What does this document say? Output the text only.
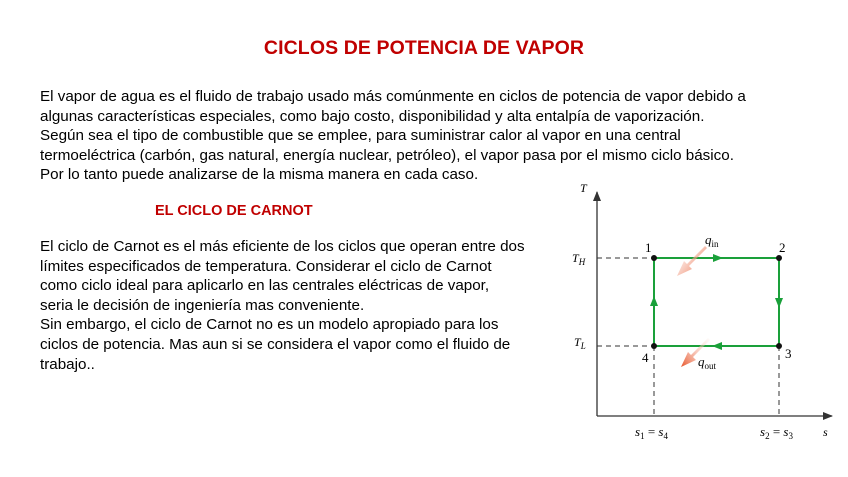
CICLOS DE POTENCIA DE VAPOR

El vapor de agua es el fluido de trabajo usado más comúnmente en ciclos de potencia de vapor debido a

algunas características especiales, como bajo costo, disponibilidad y alta entalpía de vaporización.

Según sea el tipo de combustible que se emplee, para suministrar calor al vapor en una central

termoeléctrica (carbón, gas natural, energía nuclear, petróleo), el vapor pasa por el mismo ciclo básico.

Por lo tanto puede analizarse de la misma manera en cada caso.

EL CICLO DE CARNOT

El ciclo de Carnot es el más eficiente de los ciclos que operan entre dos

límites especificados de temperatura. Considerar el ciclo de Carnot

como ciclo ideal para aplicarlo en las centrales eléctricas de vapor,

seria le decisión de ingeniería mas conveniente.

Sin embargo, el ciclo de Carnot no es un modelo apropiado para los

ciclos de potencia. Mas aun si se considera el vapor como el fluido de

trabajo..

T
s
$T_H$
$T_L$
1	2
3
4
$q_{in}$
$q_{out}$
$s_1 = s_4$	$s_2 = s_3$
